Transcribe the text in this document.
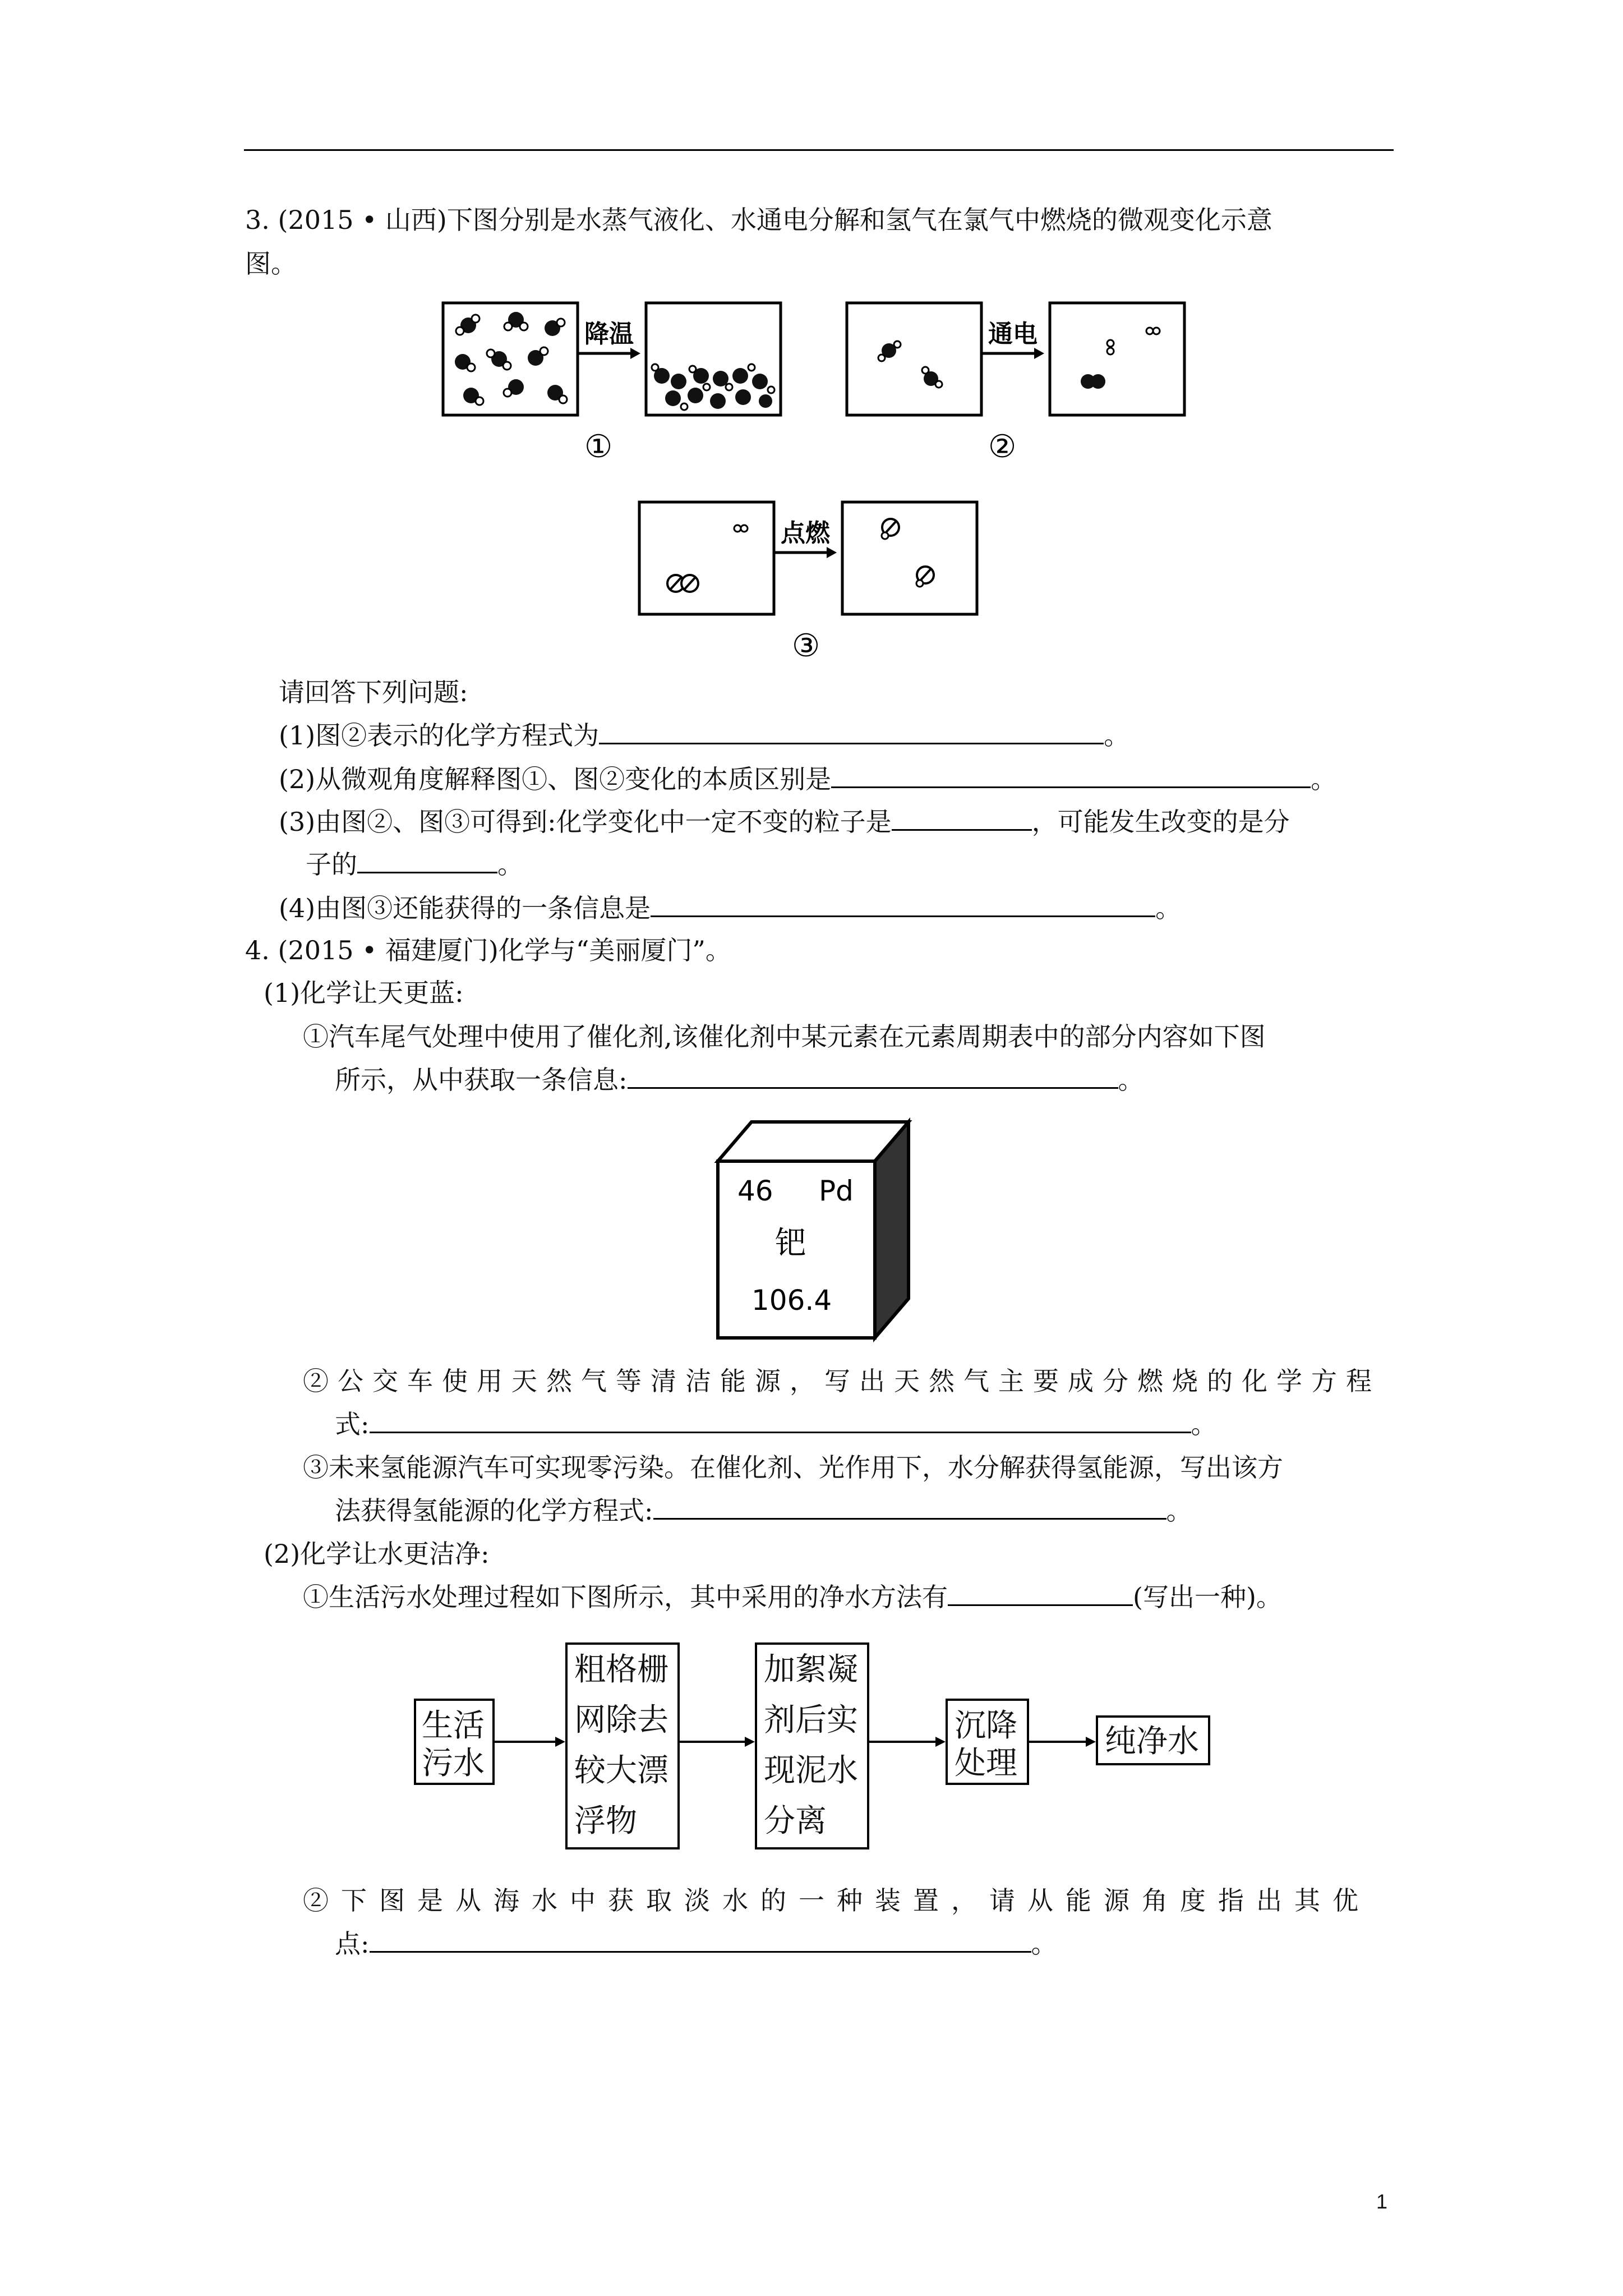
3. (2015 • 山西)下图分别是水蒸气液化、水通电分解和氢气在氯气中燃烧的微观变化示意
图。
降温
①
通电
②
点燃
③
请回答下列问题:
(1)图②表示的化学方程式为	。
(2)从微观角度解释图①、图②变化的本质区别是	。
(3)由图②、图③可得到:化学变化中一定不变的粒子是	，可能发生改变的是分
子的	。
(4)由图③还能获得的一条信息是	。
4. (2015 • 福建厦门)化学与“美丽厦门”。
(1)化学让天更蓝:
①汽车尾气处理中使用了催化剂,该催化剂中某元素在元素周期表中的部分内容如下图
所示，从中获取一条信息:	。
46 Pd
钯
106.4
②公交车使用天然气等清洁能源，写出天然气主要成分燃烧的化学方程
式:	。
③未来氢能源汽车可实现零污染。在催化剂、光作用下，水分解获得氢能源，写出该方
法获得氢能源的化学方程式:	。
(2)化学让水更洁净:
①生活污水处理过程如下图所示，其中采用的净水方法有	(写出一种)。
生活
污水
粗格栅
网除去
较大漂
浮物
加絮凝
剂后实
现泥水
分离
沉降
处理
纯净水
②下图是从海水中获取淡水的一种装置，请从能源角度指出其优
点:	。
1
